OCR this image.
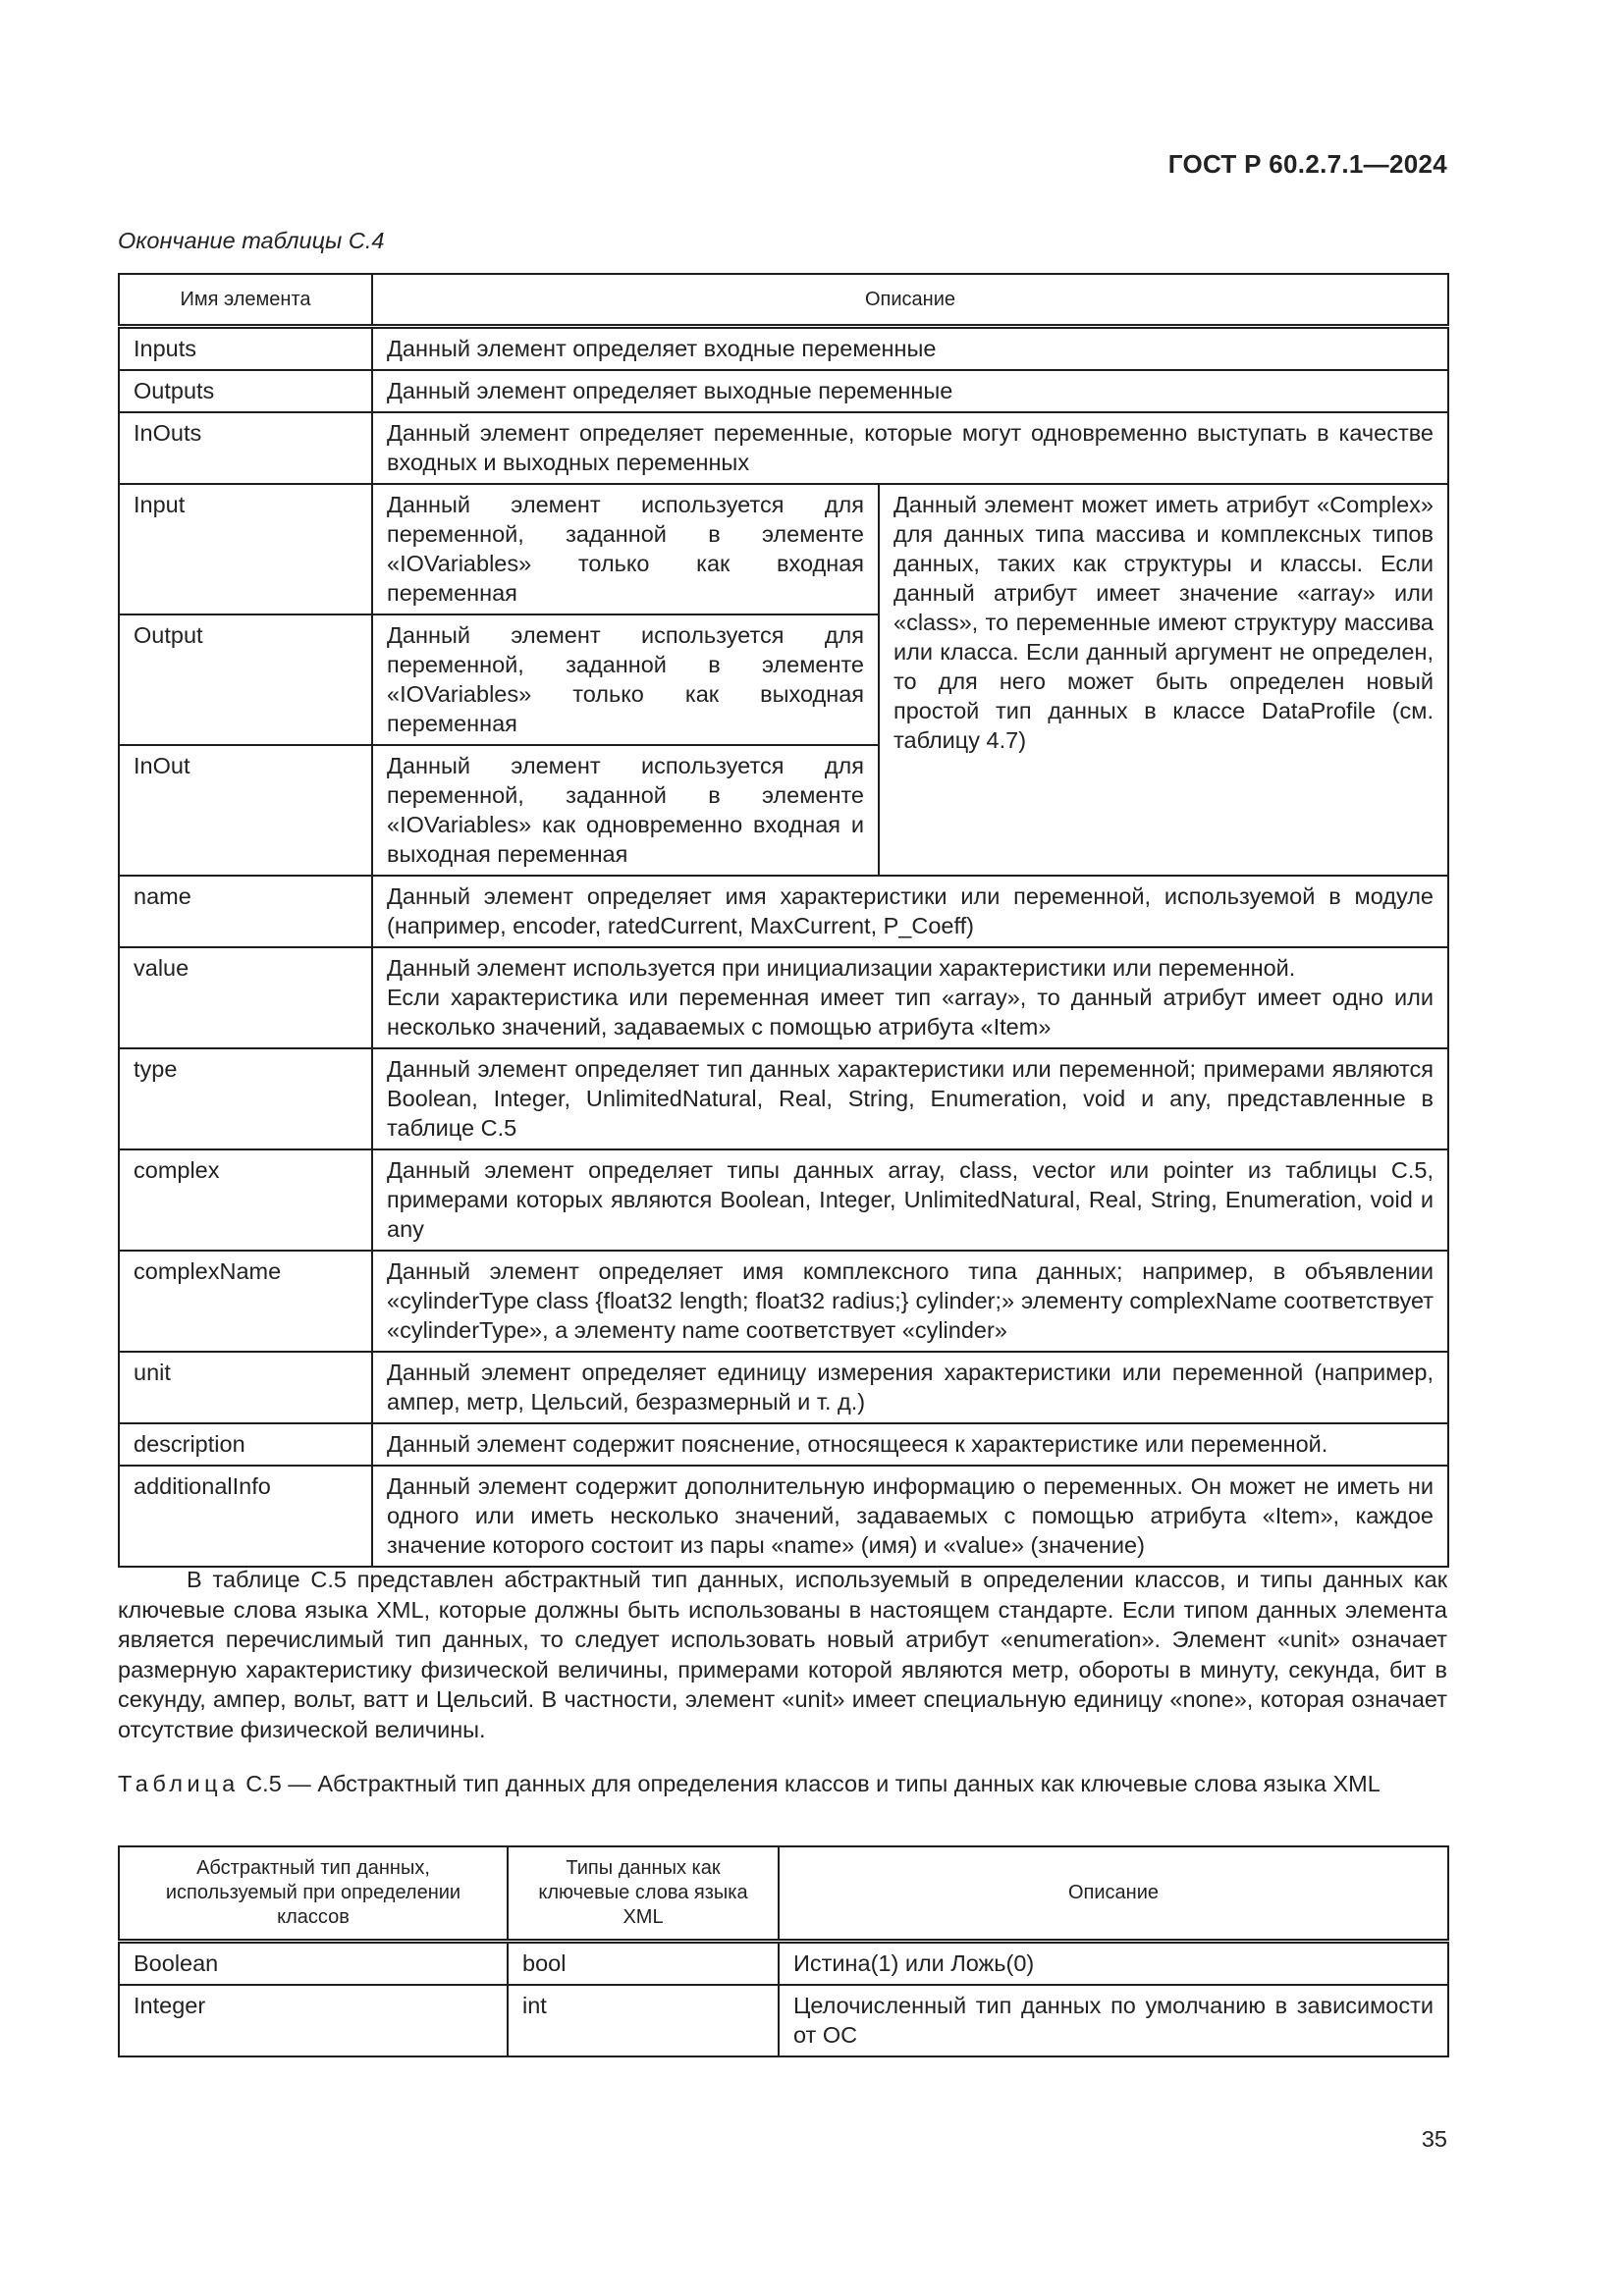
ГОСТ Р 60.2.7.1—2024
Окончание таблицы С.4
Имя элемента	Описание	
Inputs	Данный элемент определяет входные переменные	
Outputs	Данный элемент определяет выходные переменные	
InOuts	Данный элемент определяет переменные, которые могут одновременно выступать в качестве входных и выходных переменных	
Input	Данный элемент используется для переменной, заданной в элементе «IOVariables» только как входная переменная	Данный элемент может иметь атрибут «Complex» для данных типа массива и комплексных типов данных, таких как структуры и классы. Если данный атрибут имеет значение «array» или «class», то переменные имеют структуру массива или класса. Если данный аргумент не определен, то для него может быть определен новый простой тип данных в классе DataProfile (см. таблицу 4.7)
Output	Данный элемент используется для переменной, заданной в элементе «IOVariables» только как выходная переменная	
InOut	Данный элемент используется для переменной, заданной в элементе «IOVariables» как одновременно входная и выходная переменная	
name	Данный элемент определяет имя характеристики или переменной, используемой в модуле (например, encoder, ratedCurrent, MaxCurrent, P_Coeff)	
value	Данный элемент используется при инициализации характеристики или переменной.
Если характеристика или переменная имеет тип «array», то данный атрибут имеет одно или несколько значений, задаваемых с помощью атрибута «Item»	

type	Данный элемент определяет тип данных характеристики или переменной; примерами являются Boolean, Integer, UnlimitedNatural, Real, String, Enumeration, void и any, представленные в таблице С.5	
complex	Данный элемент определяет типы данных array, class, vector или pointer из таблицы С.5, примерами которых являются Boolean, Integer, UnlimitedNatural, Real, String, Enumeration, void и any	
complexName	Данный элемент определяет имя комплексного типа данных; например, в объявлении «cylinderType class {float32 length; float32 radius;} cylinder;» элементу complexName соответствует «cylinderType», а элементу name соответствует «cylinder»	
unit	Данный элемент определяет единицу измерения характеристики или переменной (например, ампер, метр, Цельсий, безразмерный и т. д.)	
description	Данный элемент содержит пояснение, относящееся к характеристике или переменной.	
additionalInfo	Данный элемент содержит дополнительную информацию о переменных. Он может не иметь ни одного или иметь несколько значений, задаваемых с помощью атрибута «Item», каждое значение которого состоит из пары «name» (имя) и «value» (значение)	
В таблице С.5 представлен абстрактный тип данных, используемый в определении классов, и типы данных как ключевые слова языка XML, которые должны быть использованы в настоящем стандарте. Если типом данных элемента является перечислимый тип данных, то следует использовать новый атрибут «enumeration». Элемент «unit» означает размерную характеристику физической величины, примерами которой являются метр, обороты в минуту, секунда, бит в секунду, ампер, вольт, ватт и Цельсий. В частности, элемент «unit» имеет специальную единицу «none», которая означает отсутствие физической величины.
Таблица С.5 — Абстрактный тип данных для определения классов и типы данных как ключевые слова языка XML
Абстрактный тип данных, используемый при определении классов	Типы данных как ключевые слова языка XML	Описание
Boolean	bool	Истина(1) или Ложь(0)
Integer	int	Целочисленный тип данных по умолчанию в зависимости от ОС
35
